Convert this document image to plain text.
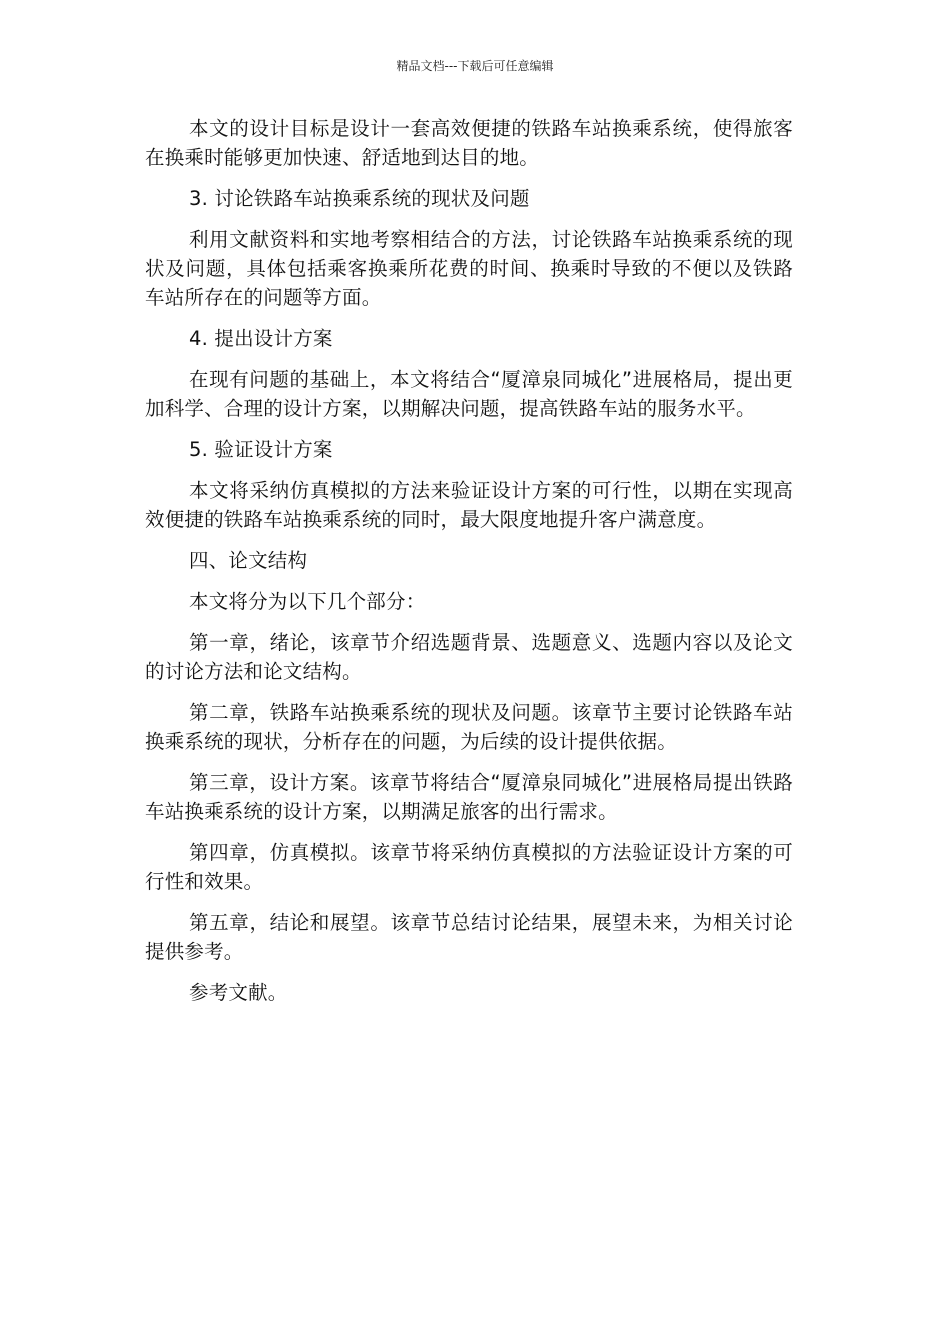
精品文档---下载后可任意编辑

本文的设计目标是设计一套高效便捷的铁路车站换乘系统，使得旅客在换乘时能够更加快速、舒适地到达目的地。

3. 讨论铁路车站换乘系统的现状及问题

利用文献资料和实地考察相结合的方法，讨论铁路车站换乘系统的现状及问题，具体包括乘客换乘所花费的时间、换乘时导致的不便以及铁路车站所存在的问题等方面。

4. 提出设计方案

在现有问题的基础上，本文将结合“厦漳泉同城化”进展格局，提出更加科学、合理的设计方案，以期解决问题，提高铁路车站的服务水平。

5. 验证设计方案

本文将采纳仿真模拟的方法来验证设计方案的可行性，以期在实现高效便捷的铁路车站换乘系统的同时，最大限度地提升客户满意度。

四、论文结构

本文将分为以下几个部分：

第一章，绪论，该章节介绍选题背景、选题意义、选题内容以及论文的讨论方法和论文结构。

第二章，铁路车站换乘系统的现状及问题。该章节主要讨论铁路车站换乘系统的现状，分析存在的问题，为后续的设计提供依据。

第三章，设计方案。该章节将结合“厦漳泉同城化”进展格局提出铁路车站换乘系统的设计方案，以期满足旅客的出行需求。

第四章，仿真模拟。该章节将采纳仿真模拟的方法验证设计方案的可行性和效果。

第五章，结论和展望。该章节总结讨论结果，展望未来，为相关讨论提供参考。

参考文献。
